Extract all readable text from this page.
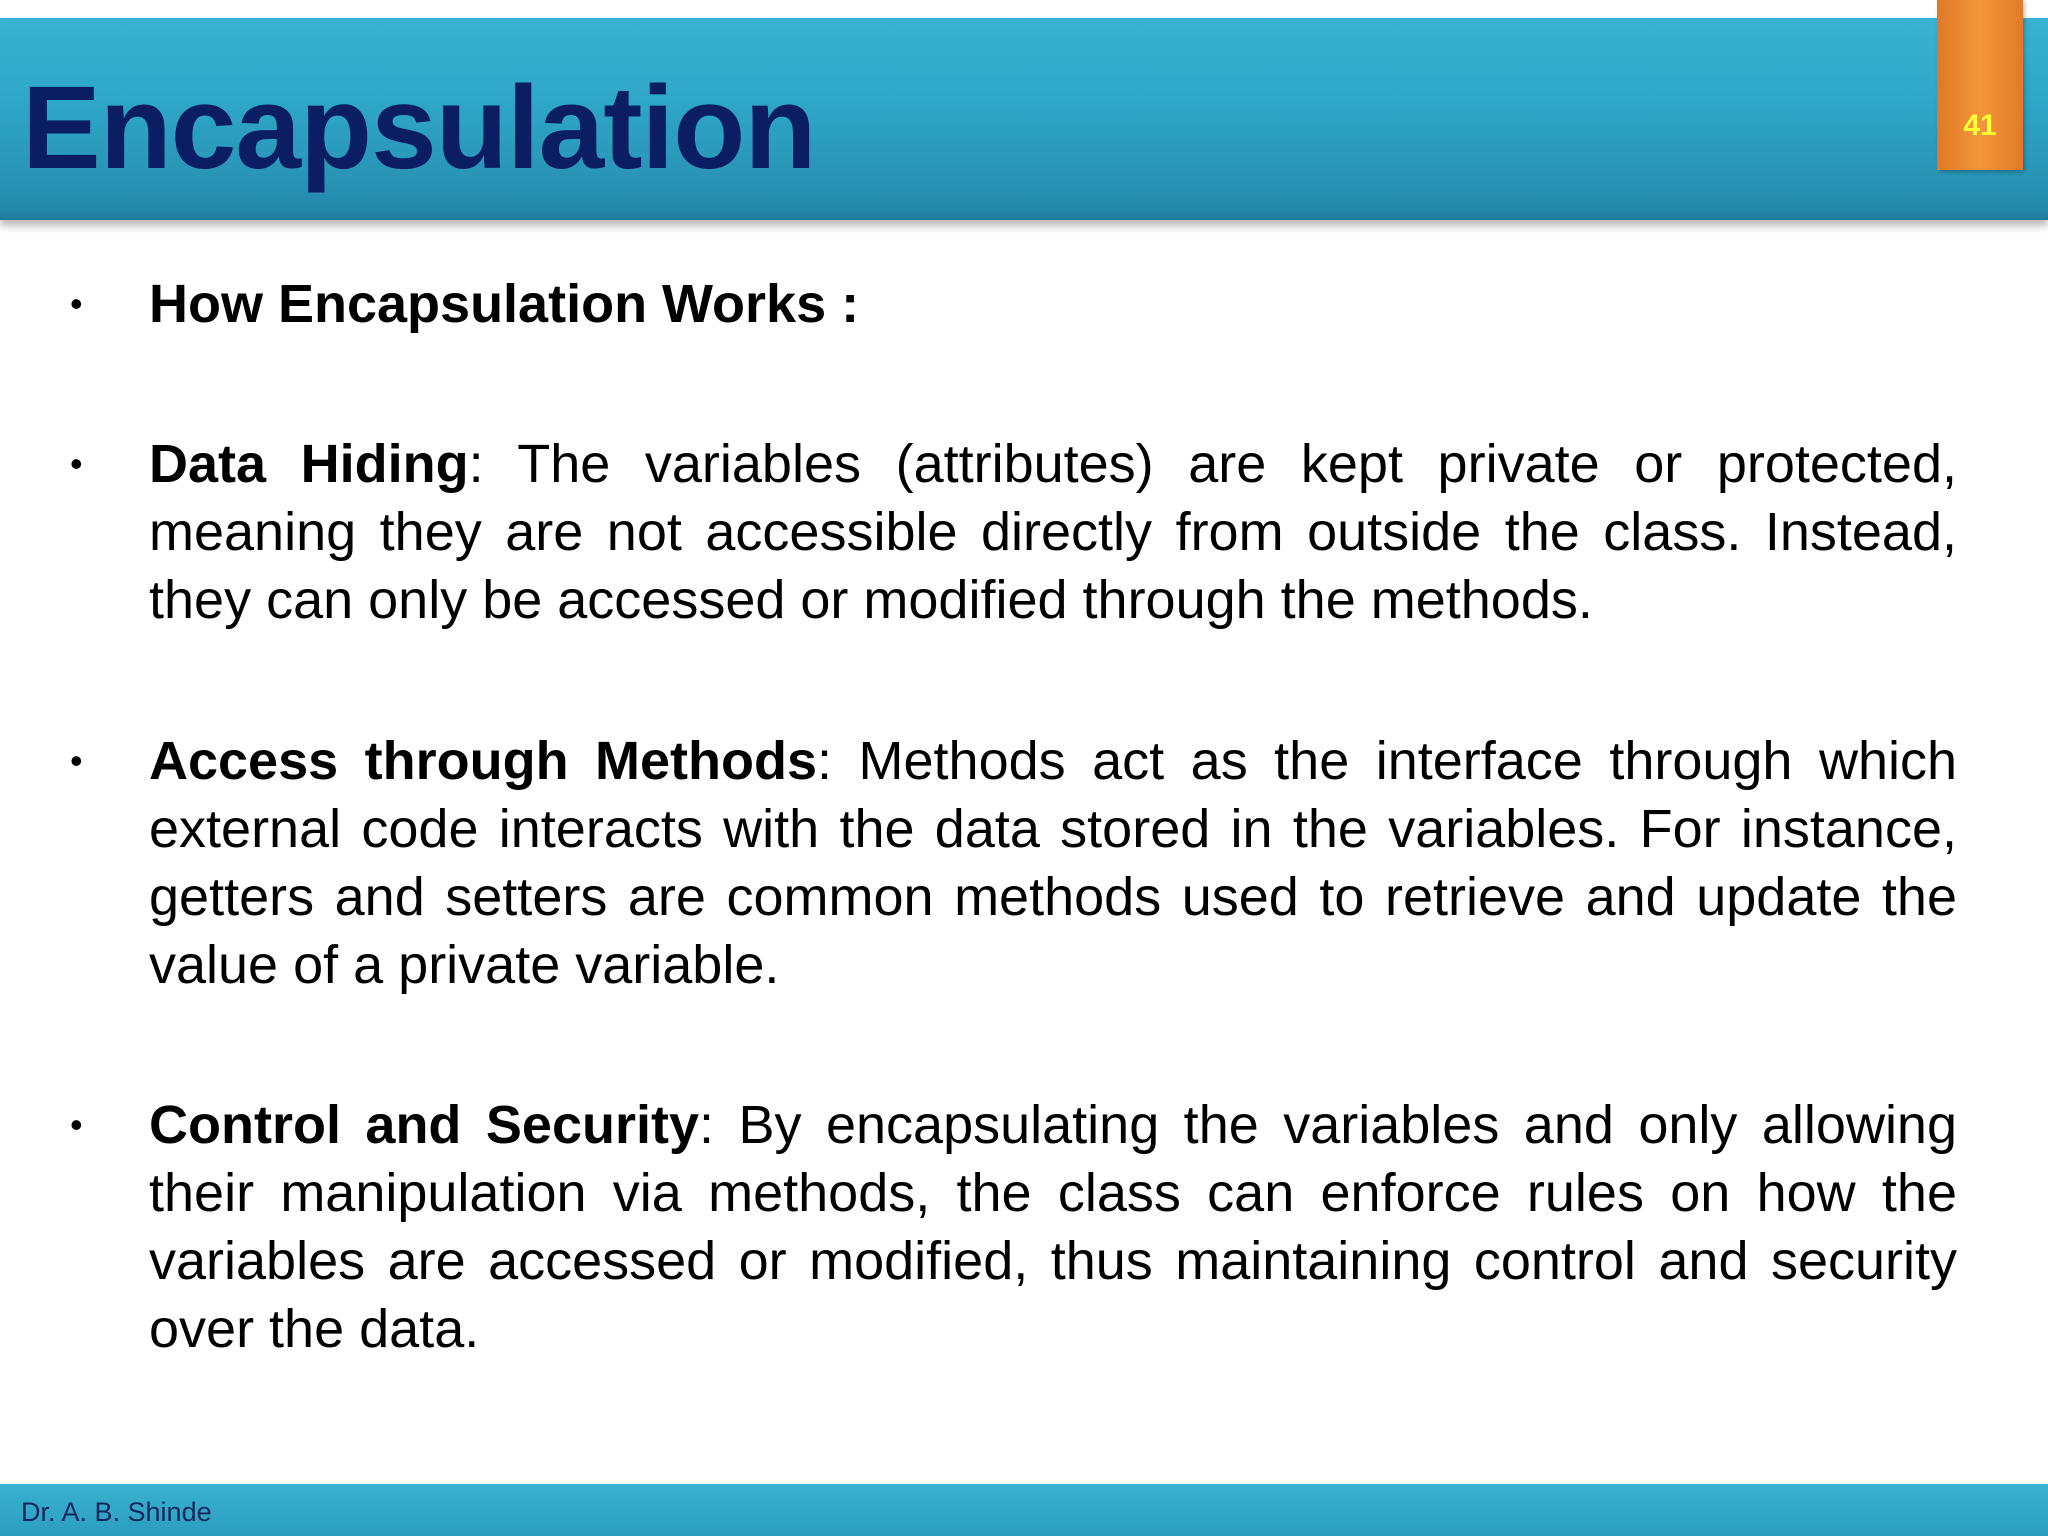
Encapsulation	41
•	How Encapsulation Works :

•	Data Hiding: The variables (attributes) are kept private or protected, meaning they are not accessible directly from outside the class. Instead, they can only be accessed or modified through the methods.

•	Access through Methods: Methods act as the interface through which external code interacts with the data stored in the variables. For instance, getters and setters are common methods used to retrieve and update the value of a private variable.

•	Control and Security: By encapsulating the variables and only allowing their manipulation via methods, the class can enforce rules on how the variables are accessed or modified, thus maintaining control and security over the data.

Dr. A. B. Shinde
